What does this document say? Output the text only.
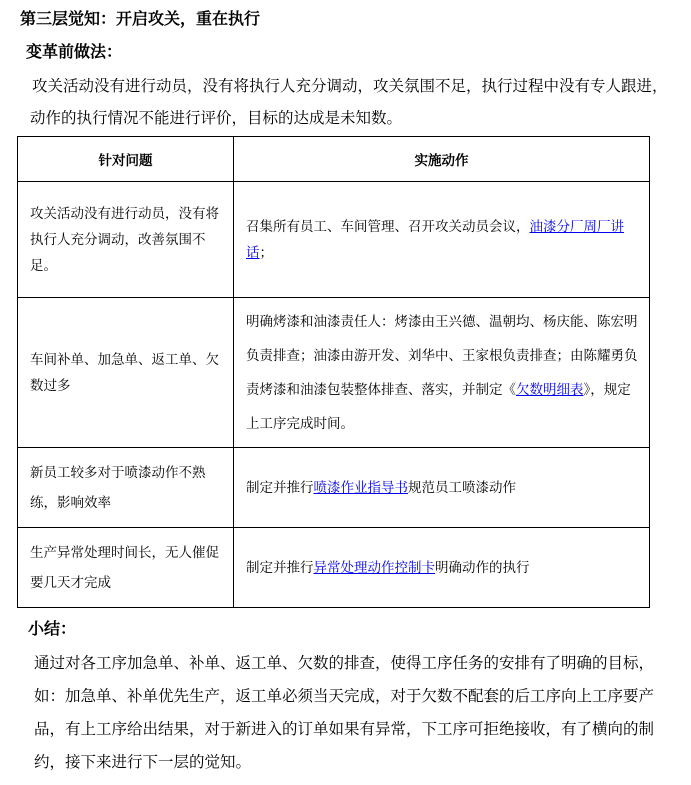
第三层觉知：开启攻关，重在执行
变革前做法：
攻关活动没有进行动员，没有将执行人充分调动，攻关氛围不足，执行过程中没有专人跟进，动作的执行情况不能进行评价，目标的达成是未知数。
针对问题	实施动作
攻关活动没有进行动员，没有将执行人充分调动，改善氛围不足。	召集所有员工、车间管理、召开攻关动员会议，油漆分厂周厂讲话；
车间补单、加急单、返工单、欠数过多	明确烤漆和油漆责任人：烤漆由王兴德、温朝均、杨庆能、陈宏明负责排查；油漆由游开发、刘华中、王家根负责排查；由陈耀勇负责烤漆和油漆包装整体排查、落实，并制定《欠数明细表》，规定上工序完成时间。
新员工较多对于喷漆动作不熟练，影响效率	制定并推行喷漆作业指导书规范员工喷漆动作
生产异常处理时间长，无人催促要几天才完成	制定并推行异常处理动作控制卡明确动作的执行
小结：
通过对各工序加急单、补单、返工单、欠数的排查，使得工序任务的安排有了明确的目标，如：加急单、补单优先生产，返工单必须当天完成，对于欠数不配套的后工序向上工序要产品，有上工序给出结果，对于新进入的订单如果有异常，下工序可拒绝接收，有了横向的制约，接下来进行下一层的觉知。
